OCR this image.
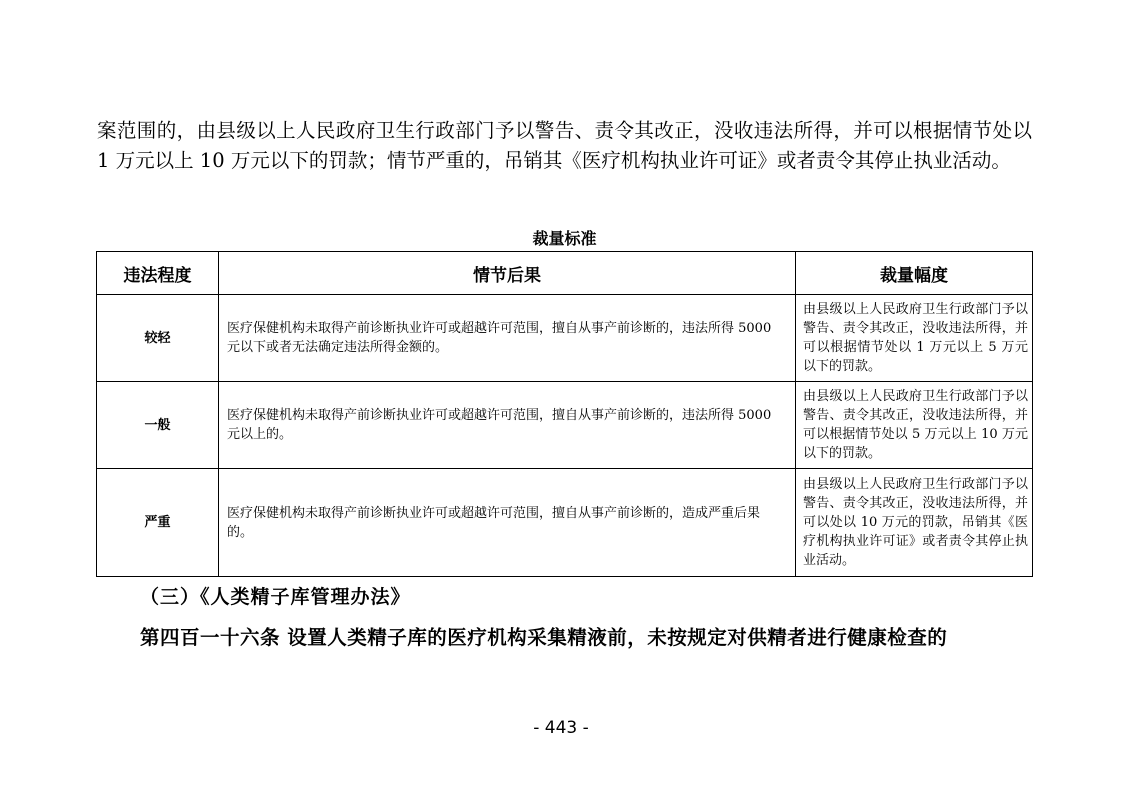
案范围的，由县级以上人民政府卫生行政部门予以警告、责令其改正，没收违法所得，并可以根据情节处以 1 万元以上 10 万元以下的罚款；情节严重的，吊销其《医疗机构执业许可证》或者责令其停止执业活动。

裁量标准
违法程度	情节后果	裁量幅度
较轻	医疗保健机构未取得产前诊断执业许可或超越许可范围，擅自从事产前诊断的，违法所得 5000 元以下或者无法确定违法所得金额的。	由县级以上人民政府卫生行政部门予以警告、责令其改正，没收违法所得，并可以根据情节处以 1 万元以上 5 万元以下的罚款。
一般	医疗保健机构未取得产前诊断执业许可或超越许可范围，擅自从事产前诊断的，违法所得 5000 元以上的。	由县级以上人民政府卫生行政部门予以警告、责令其改正，没收违法所得，并可以根据情节处以 5 万元以上 10 万元以下的罚款。
严重	医疗保健机构未取得产前诊断执业许可或超越许可范围，擅自从事产前诊断的，造成严重后果的。	由县级以上人民政府卫生行政部门予以警告、责令其改正，没收违法所得，并可以处以 10 万元的罚款，吊销其《医疗机构执业许可证》或者责令其停止执业活动。
（三）《人类精子库管理办法》
第四百一十六条 设置人类精子库的医疗机构采集精液前，未按规定对供精者进行健康检查的
- 443 -
